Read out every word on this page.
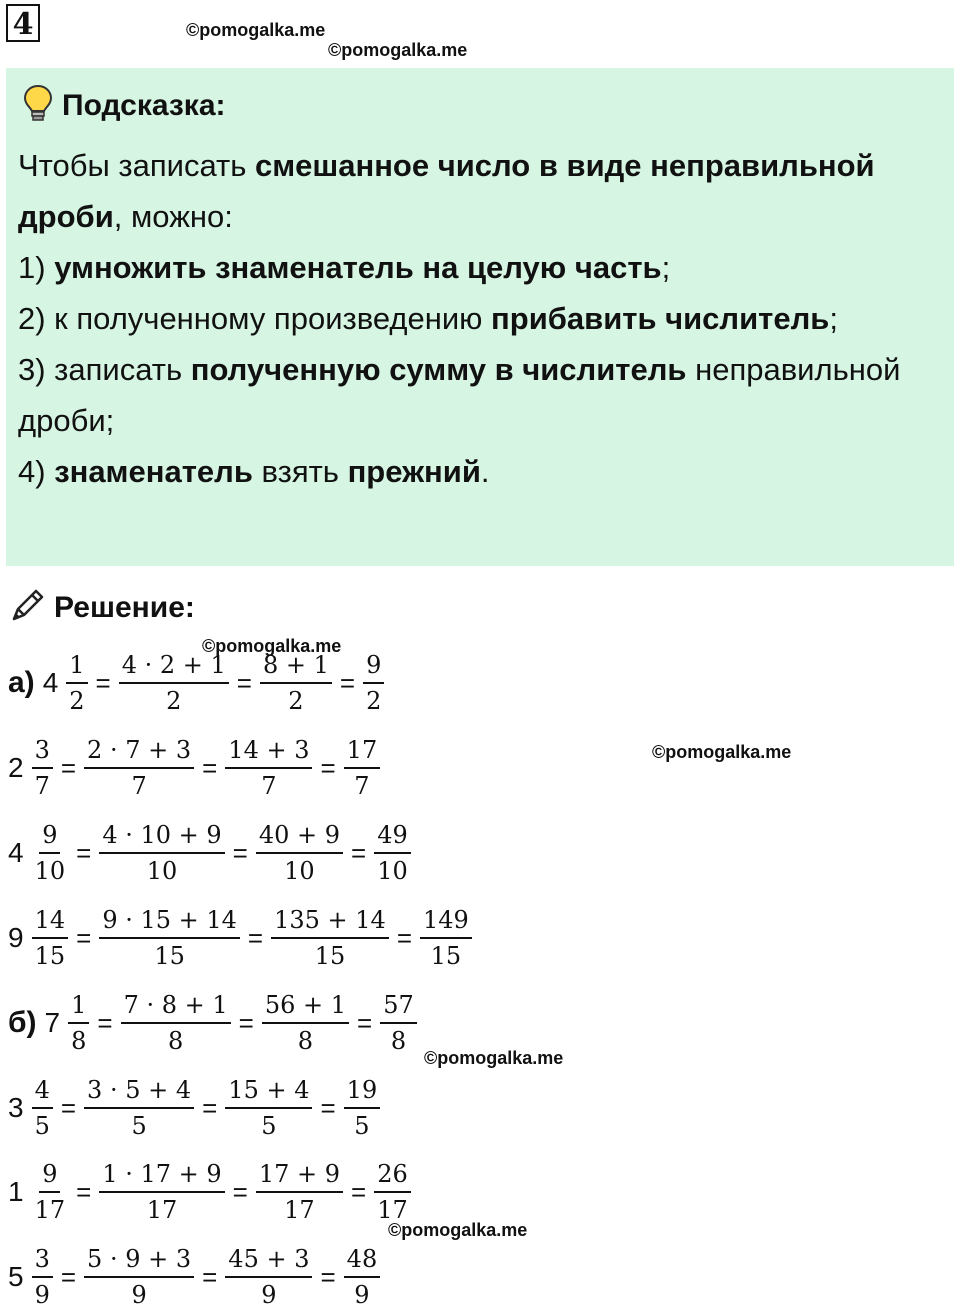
4	©pomogalka.me
©pomogalka.me
Подсказка:
Чтобы записать смешанное число в виде неправильной дроби, можно:
1) умножить знаменатель на целую часть;
2) к полученному произведению прибавить числитель;
3) записать полученную сумму в числитель неправильной дроби;
4) знаменатель взять прежний.
Решение:
©pomogalka.me
©pomogalka.me
©pomogalka.me
©pomogalka.me
а) $4 \frac{1}{2} = \frac{4 \cdot 2 + 1}{2} = \frac{8 + 1}{2} = \frac{9}{2}$
$2 \frac{3}{7} = \frac{2 \cdot 7 + 3}{7} = \frac{14 + 3}{7} = \frac{17}{7}$
$4 \frac{9}{10} = \frac{4 \cdot 10 + 9}{10} = \frac{40 + 9}{10} = \frac{49}{10}$
$9 \frac{14}{15} = \frac{9 \cdot 15 + 14}{15} = \frac{135 + 14}{15} = \frac{149}{15}$
б) $7 \frac{1}{8} = \frac{7 \cdot 8 + 1}{8} = \frac{56 + 1}{8} = \frac{57}{8}$
$3 \frac{4}{5} = \frac{3 \cdot 5 + 4}{5} = \frac{15 + 4}{5} = \frac{19}{5}$
$1 \frac{9}{17} = \frac{1 \cdot 17 + 9}{17} = \frac{17 + 9}{17} = \frac{26}{17}$
$5 \frac{3}{9} = \frac{5 \cdot 9 + 3}{9} = \frac{45 + 3}{9} = \frac{48}{9}$
